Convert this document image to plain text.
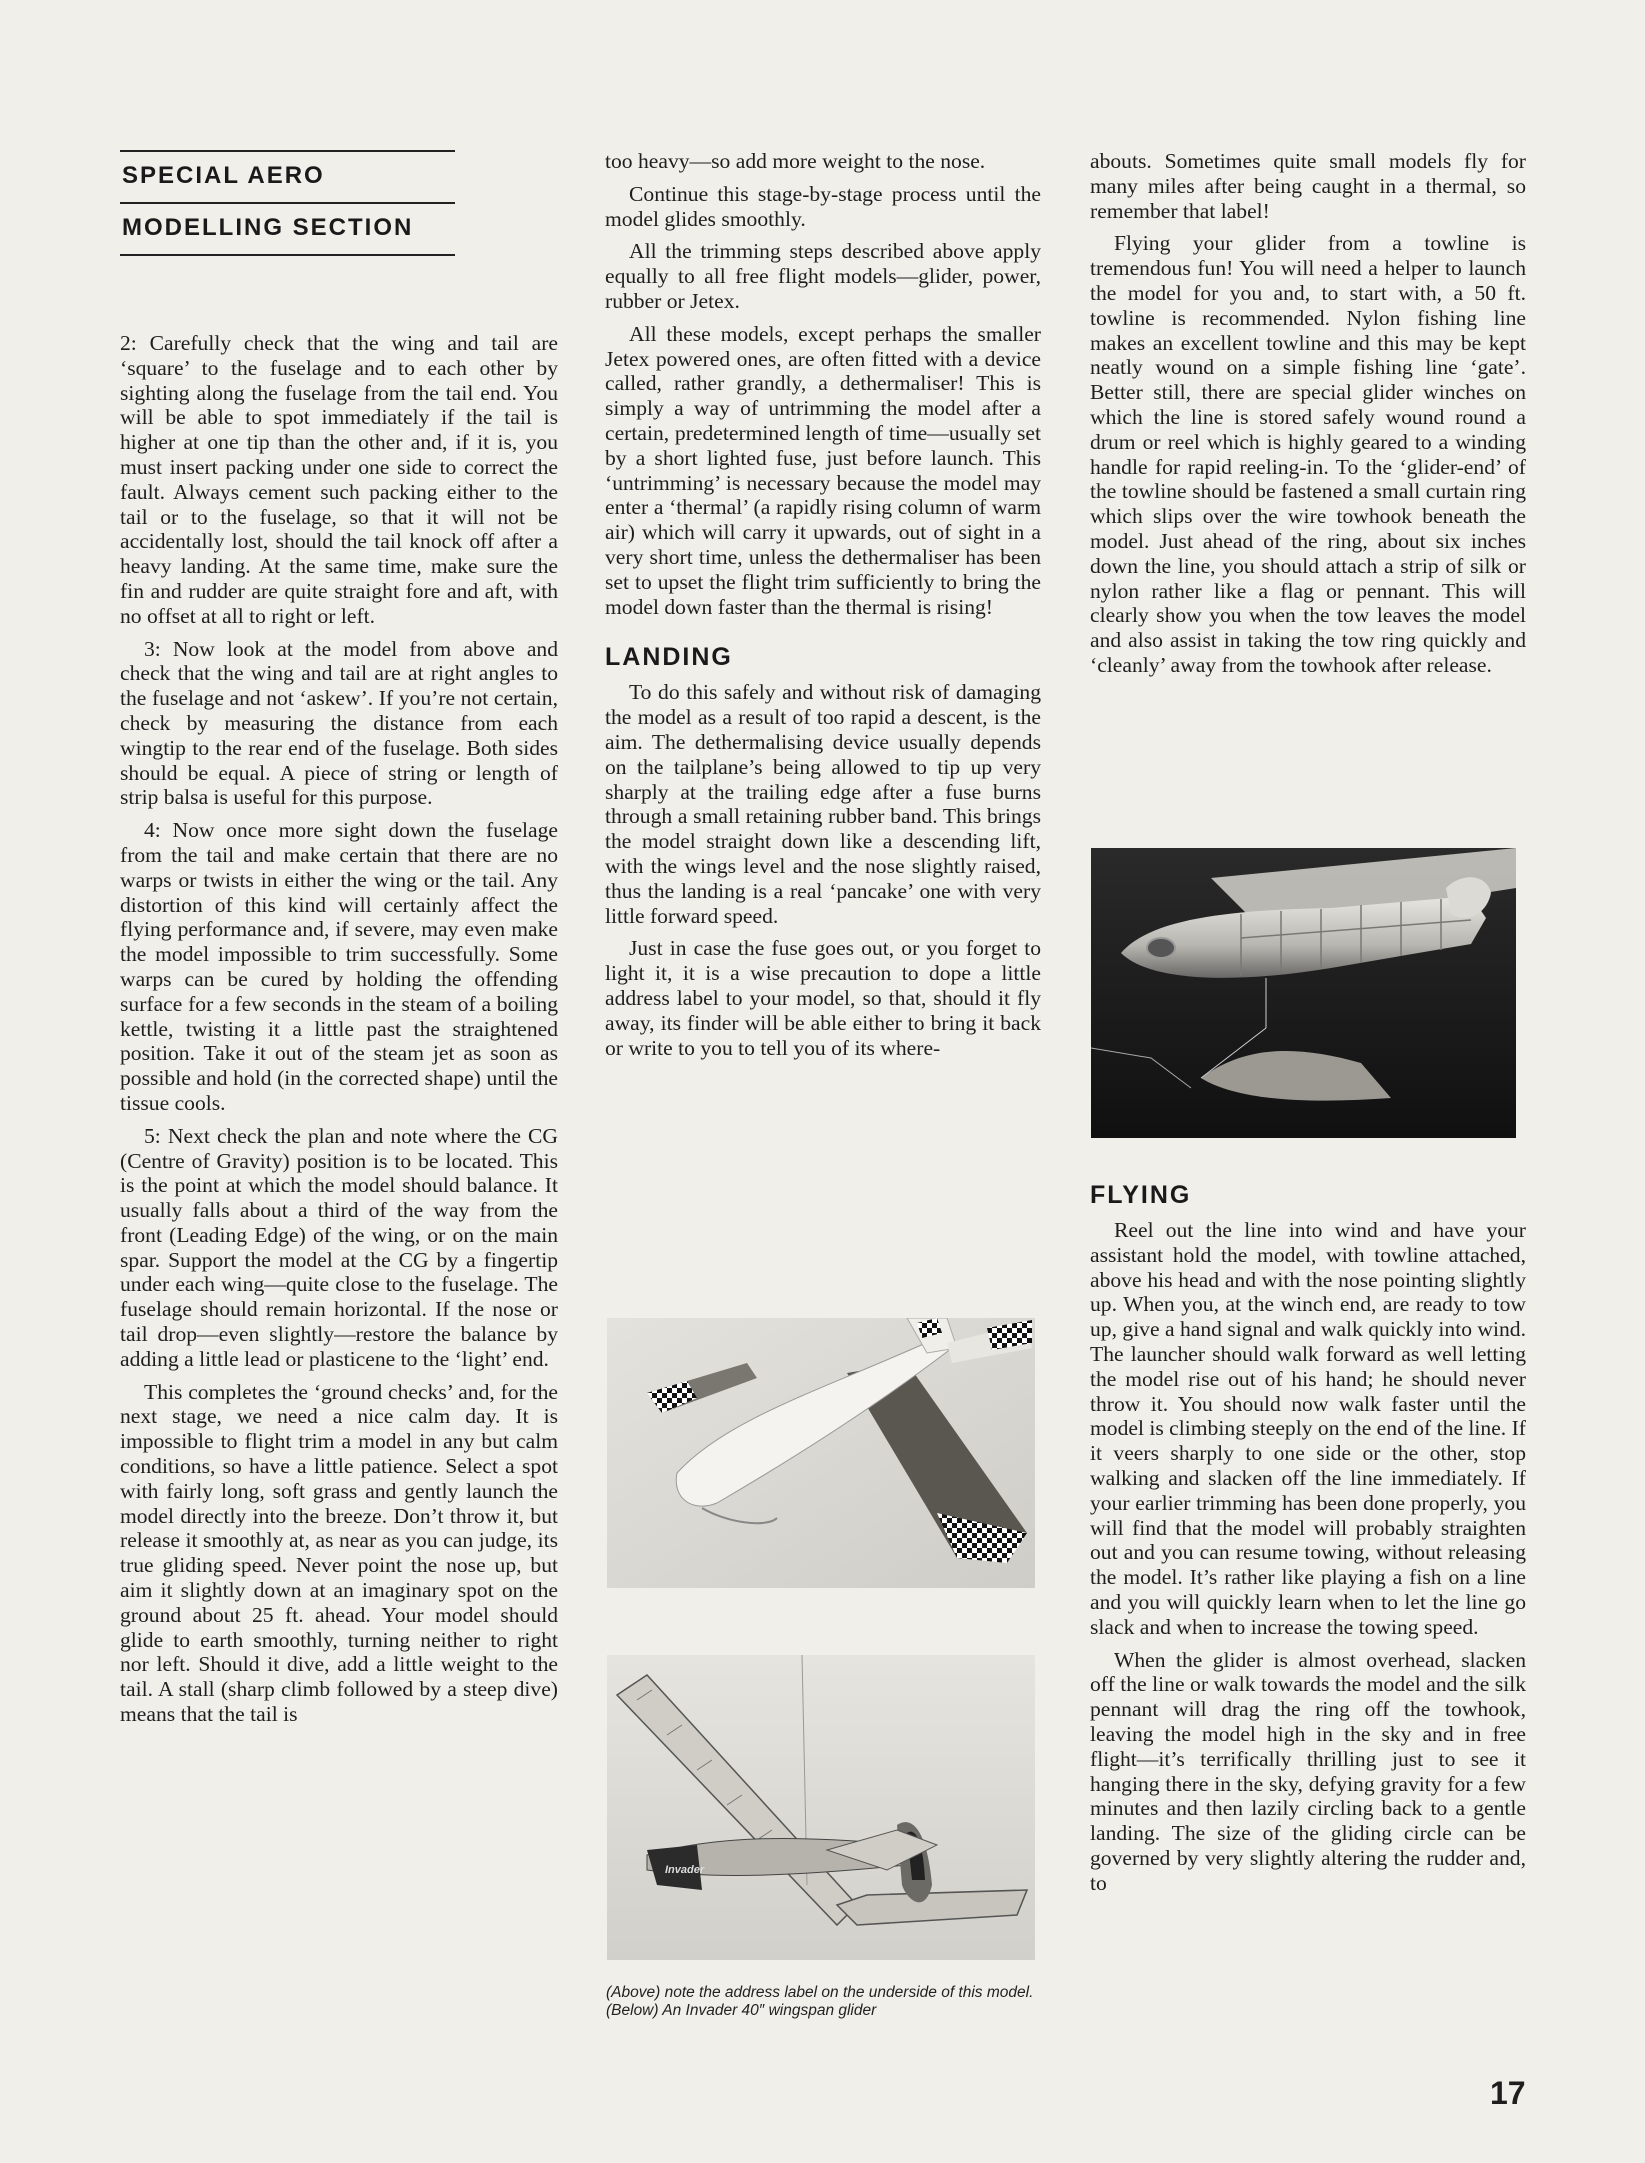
SPECIAL AERO
MODELLING SECTION

2: Carefully check that the wing and tail are ‘square’ to the fuselage and to each other by sighting along the fuselage from the tail end. You will be able to spot immediately if the tail is higher at one tip than the other and, if it is, you must insert packing under one side to correct the fault. Always cement such packing either to the tail or to the fuselage, so that it will not be accidentally lost, should the tail knock off after a heavy landing. At the same time, make sure the fin and rudder are quite straight fore and aft, with no offset at all to right or left.

3: Now look at the model from above and check that the wing and tail are at right angles to the fuselage and not ‘askew’. If you’re not certain, check by measuring the distance from each wingtip to the rear end of the fuselage. Both sides should be equal. A piece of string or length of strip balsa is useful for this purpose.

4: Now once more sight down the fuselage from the tail and make certain that there are no warps or twists in either the wing or the tail. Any distortion of this kind will certainly affect the flying performance and, if severe, may even make the model impossible to trim successfully. Some warps can be cured by holding the offending surface for a few seconds in the steam of a boiling kettle, twisting it a little past the straightened position. Take it out of the steam jet as soon as possible and hold (in the corrected shape) until the tissue cools.

5: Next check the plan and note where the CG (Centre of Gravity) position is to be located. This is the point at which the model should balance. It usually falls about a third of the way from the front (Leading Edge) of the wing, or on the main spar. Support the model at the CG by a fingertip under each wing—quite close to the fuselage. The fuselage should remain horizontal. If the nose or tail drop—even slightly—restore the balance by adding a little lead or plasticene to the ‘light’ end.

This completes the ‘ground checks’ and, for the next stage, we need a nice calm day. It is impossible to flight trim a model in any but calm conditions, so have a little patience. Select a spot with fairly long, soft grass and gently launch the model directly into the breeze. Don’t throw it, but release it smoothly at, as near as you can judge, its true gliding speed. Never point the nose up, but aim it slightly down at an imaginary spot on the ground about 25 ft. ahead. Your model should glide to earth smoothly, turning neither to right nor left. Should it dive, add a little weight to the tail. A stall (sharp climb followed by a steep dive) means that the tail is

too heavy—so add more weight to the nose.

Continue this stage-by-stage process until the model glides smoothly.

All the trimming steps described above apply equally to all free flight models—glider, power, rubber or Jetex.

All these models, except perhaps the smaller Jetex powered ones, are often fitted with a device called, rather grandly, a dethermaliser! This is simply a way of untrimming the model after a certain, predetermined length of time—usually set by a short lighted fuse, just before launch. This ‘untrimming’ is necessary because the model may enter a ‘thermal’ (a rapidly rising column of warm air) which will carry it upwards, out of sight in a very short time, unless the dethermaliser has been set to upset the flight trim sufficiently to bring the model down faster than the thermal is rising!

LANDING

To do this safely and without risk of damaging the model as a result of too rapid a descent, is the aim. The dethermalising device usually depends on the tailplane’s being allowed to tip up very sharply at the trailing edge after a fuse burns through a small retaining rubber band. This brings the model straight down like a descending lift, with the wings level and the nose slightly raised, thus the landing is a real ‘pancake’ one with very little forward speed.

Just in case the fuse goes out, or you forget to light it, it is a wise precaution to dope a little address label to your model, so that, should it fly away, its finder will be able either to bring it back or write to you to tell you of its where-

abouts. Sometimes quite small models fly for many miles after being caught in a thermal, so remember that label!

Flying your glider from a towline is tremendous fun! You will need a helper to launch the model for you and, to start with, a 50 ft. towline is recommended. Nylon fishing line makes an excellent towline and this may be kept neatly wound on a simple fishing line ‘gate’. Better still, there are special glider winches on which the line is stored safely wound round a drum or reel which is highly geared to a winding handle for rapid reeling-in. To the ‘glider-end’ of the towline should be fastened a small curtain ring which slips over the wire towhook beneath the model. Just ahead of the ring, about six inches down the line, you should attach a strip of silk or nylon rather like a flag or pennant. This will clearly show you when the tow leaves the model and also assist in taking the tow ring quickly and ‘cleanly’ away from the towhook after release.

FLYING

Reel out the line into wind and have your assistant hold the model, with towline attached, above his head and with the nose pointing slightly up. When you, at the winch end, are ready to tow up, give a hand signal and walk quickly into wind. The launcher should walk forward as well letting the model rise out of his hand; he should never throw it. You should now walk faster until the model is climbing steeply on the end of the line. If it veers sharply to one side or the other, stop walking and slacken off the line immediately. If your earlier trimming has been done properly, you will find that the model will probably straighten out and you can resume towing, without releasing the model. It’s rather like playing a fish on a line and you will quickly learn when to let the line go slack and when to increase the towing speed.

When the glider is almost overhead, slacken off the line or walk towards the model and the silk pennant will drag the ring off the towhook, leaving the model high in the sky and in free flight—it’s terrifically thrilling just to see it hanging there in the sky, defying gravity for a few minutes and then lazily circling back to a gentle landing. The size of the gliding circle can be governed by very slightly altering the rudder and, to

Invader
(Above) note the address label on the underside of this model. (Below) An Invader 40″ wingspan glider
17
